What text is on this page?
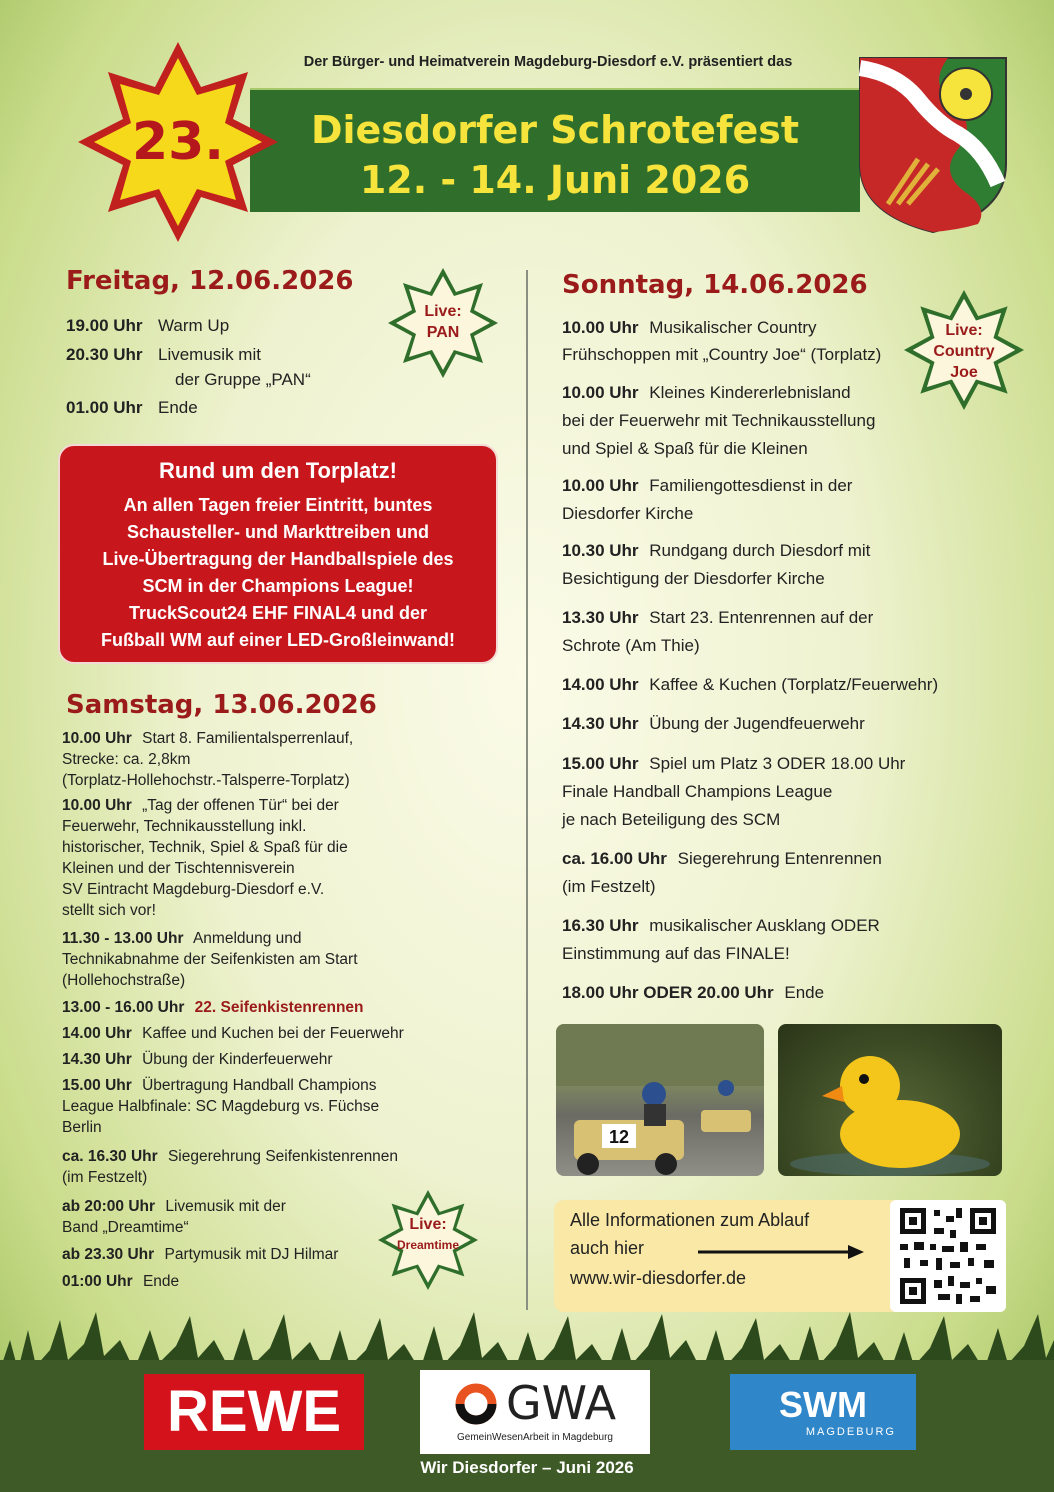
Der Bürger- und Heimatverein Magdeburg-Diesdorf e.V. präsentiert das
Diesdorfer Schrotefest
12. - 14. Juni 2026
23.
Freitag, 12.06.2026
Live:
PAN
19.00 Uhr Warm Up
20.30 Uhr Livemusik mit
der Gruppe „PAN“
01.00 Uhr Ende
Rund um den Torplatz!
An allen Tagen freier Eintritt, buntes
Schausteller- und Markttreiben und
Live-Übertragung der Handballspiele des
SCM in der Champions League!
TruckScout24 EHF FINAL4 und der
Fußball WM auf einer LED-Großleinwand!
Samstag, 13.06.2026
10.00 Uhr Start 8. Familientalsperrenlauf,
Strecke: ca. 2,8km
(Torplatz-Hollehochstr.-Talsperre-Torplatz)
10.00 Uhr „Tag der offenen Tür“ bei der
Feuerwehr, Technikausstellung inkl.
historischer, Technik, Spiel & Spaß für die
Kleinen und der Tischtennisverein
SV Eintracht Magdeburg-Diesdorf e.V.
stellt sich vor!
11.30 - 13.00 Uhr Anmeldung und
Technikabnahme der Seifenkisten am Start
(Hollehochstraße)
13.00 - 16.00 Uhr 22. Seifenkistenrennen
14.00 Uhr Kaffee und Kuchen bei der Feuerwehr
14.30 Uhr Übung der Kinderfeuerwehr
15.00 Uhr Übertragung Handball Champions
League Halbfinale: SC Magdeburg vs. Füchse
Berlin
ca. 16.30 Uhr Siegerehrung Seifenkistenrennen
(im Festzelt)
ab 20:00 Uhr Livemusik mit der
Band „Dreamtime“
ab 23.30 Uhr Partymusik mit DJ Hilmar
01:00 Uhr Ende
Live:
Dreamtime
Sonntag, 14.06.2026
Live:
Country
Joe
10.00 Uhr Musikalischer Country
Frühschoppen mit „Country Joe“ (Torplatz)
10.00 Uhr Kleines Kindererlebnisland
bei der Feuerwehr mit Technikausstellung
und Spiel & Spaß für die Kleinen
10.00 Uhr Familiengottesdienst in der
Diesdorfer Kirche
10.30 Uhr Rundgang durch Diesdorf mit
Besichtigung der Diesdorfer Kirche
13.30 Uhr Start 23. Entenrennen auf der
Schrote (Am Thie)
14.00 Uhr Kaffee & Kuchen (Torplatz/Feuerwehr)
14.30 Uhr Übung der Jugendfeuerwehr
15.00 Uhr Spiel um Platz 3 ODER 18.00 Uhr
Finale Handball Champions League
je nach Beteiligung des SCM
ca. 16.00 Uhr Siegerehrung Entenrennen
(im Festzelt)
16.30 Uhr musikalischer Ausklang ODER
Einstimmung auf das FINALE!
18.00 Uhr ODER 20.00 Uhr Ende
12
Alle Informationen zum Ablauf
auch hier
www.wir-diesdorfer.de
REWE	GWA
GemeinWesenArbeit in Magdeburg
SWM
MAGDEBURG
Wir Diesdorfer – Juni 2026
